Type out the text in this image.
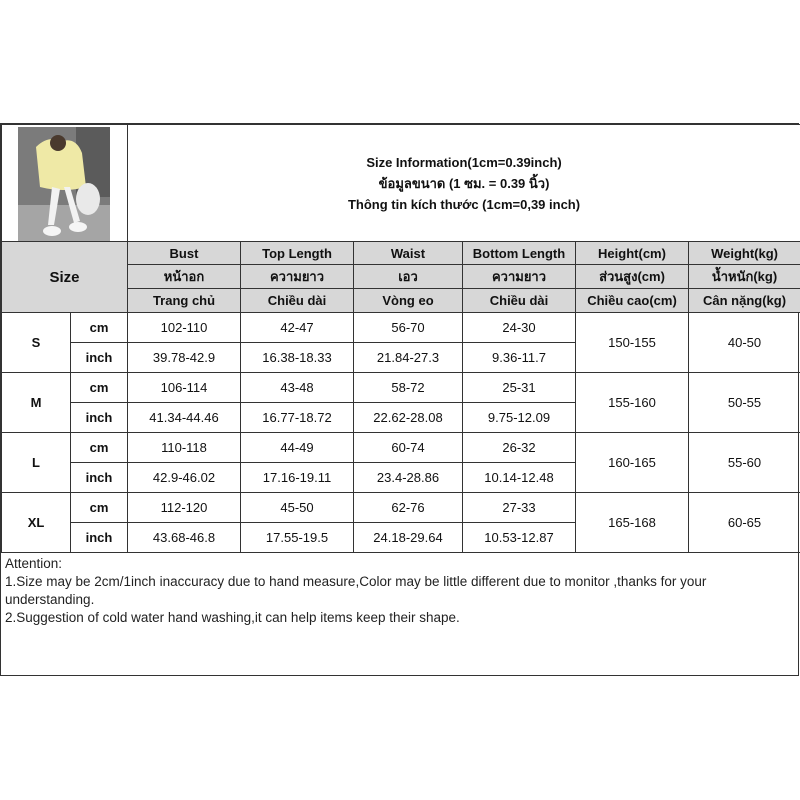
Size Information(1cm=0.39inch)
ข้อมูลขนาด (1 ซม. = 0.39 นิ้ว)
Thông tin kích thước (1cm=0,39 inch)					

Size		Bust	Top Length	Waist	Bottom Length	Height(cm)	Weight(kg)
		หน้าอก	ความยาว	เอว	ความยาว	ส่วนสูง(cm)	น้ำหนัก(kg)
		Trang chủ	Chiều dài	Vòng eo	Chiều dài	Chiều cao(cm)	Cân nặng(kg)
S	cm	102-110	42-47	56-70	24-30	150-155	40-50
	inch	39.78-42.9	16.38-18.33	21.84-27.3	9.36-11.7		
M	cm	106-114	43-48	58-72	25-31	155-160	50-55
	inch	41.34-44.46	16.77-18.72	22.62-28.08	9.75-12.09		
L	cm	110-118	44-49	60-74	26-32	160-165	55-60
	inch	42.9-46.02	17.16-19.11	23.4-28.86	10.14-12.48		
XL	cm	112-120	45-50	62-76	27-33	165-168	60-65
	inch	43.68-46.8	17.55-19.5	24.18-29.64	10.53-12.87		
Attention:
1.Size may be 2cm/1inch inaccuracy due to hand measure,Color may be little different due to monitor ,thanks for your understanding.
2.Suggestion of cold water hand washing,it can help items keep their shape.
